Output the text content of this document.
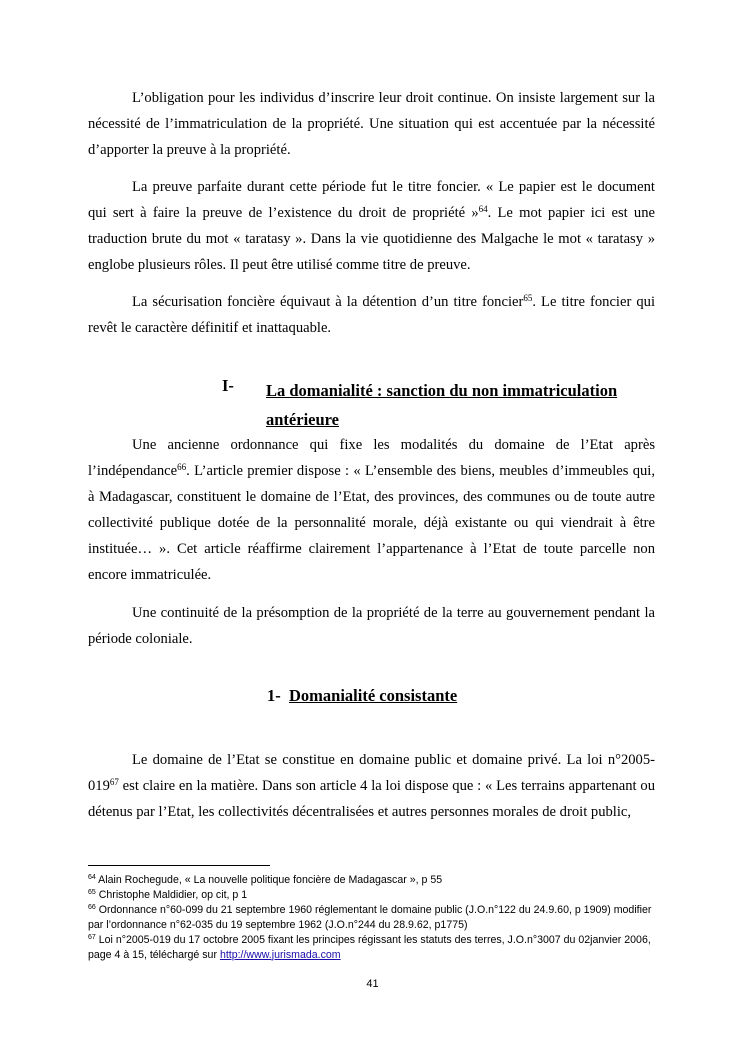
L’obligation pour les individus d’inscrire leur droit continue. On insiste largement sur la nécessité de l’immatriculation de la propriété. Une situation qui est accentuée par la nécessité d’apporter la preuve à la propriété.

La preuve parfaite durant cette période fut le titre foncier. « Le papier est le document qui sert à faire la preuve de l’existence du droit de propriété »$^{64}$. Le mot papier ici est une traduction brute du mot « taratasy ». Dans la vie quotidienne des Malgache le mot « taratasy » englobe plusieurs rôles. Il peut être utilisé comme titre de preuve.

La sécurisation foncière équivaut à la détention d’un titre foncier$^{65}$. Le titre foncier qui revêt le caractère définitif et inattaquable.

I- La domanialité : sanction du non immatriculation antérieure

Une ancienne ordonnance qui fixe les modalités du domaine de l’Etat après l’indépendance$^{66}$. L’article premier dispose : « L’ensemble des biens, meubles d’immeubles qui, à Madagascar, constituent le domaine de l’Etat, des provinces, des communes ou de toute autre collectivité publique dotée de la personnalité morale, déjà existante ou qui viendrait à être instituée… ». Cet article réaffirme clairement l’appartenance à l’Etat de toute parcelle non encore immatriculée.

Une continuité de la présomption de la propriété de la terre au gouvernement pendant la période coloniale.

1- Domanialité consistante

Le domaine de l’Etat se constitue en domaine public et domaine privé. La loi $n^\circ 2005-019^{67}$ est claire en la matière. Dans son article 4 la loi dispose que : « Les terrains appartenant ou détenus par l’Etat, les collectivités décentralisées et autres personnes morales de droit public,

$^{64}$ Alain Rochegude, « La nouvelle politique foncière de Madagascar », p 55

$^{65}$ Christophe Maldidier, op cit, p 1

$^{66}$ Ordonnance n°60-099 du 21 septembre 1960 réglementant le domaine public (J.O.n°122 du 24.9.60, p 1909) modifier par l’ordonnance n°62-035 du 19 septembre 1962 (J.O.n°244 du 28.9.62, p1775)

$^{67}$ Loi n°2005-019 du 17 octobre 2005 fixant les principes régissant les statuts des terres, J.O.n°3007 du 02janvier 2006, page 4 à 15, téléchargé sur http://www.jurismada.com

41
